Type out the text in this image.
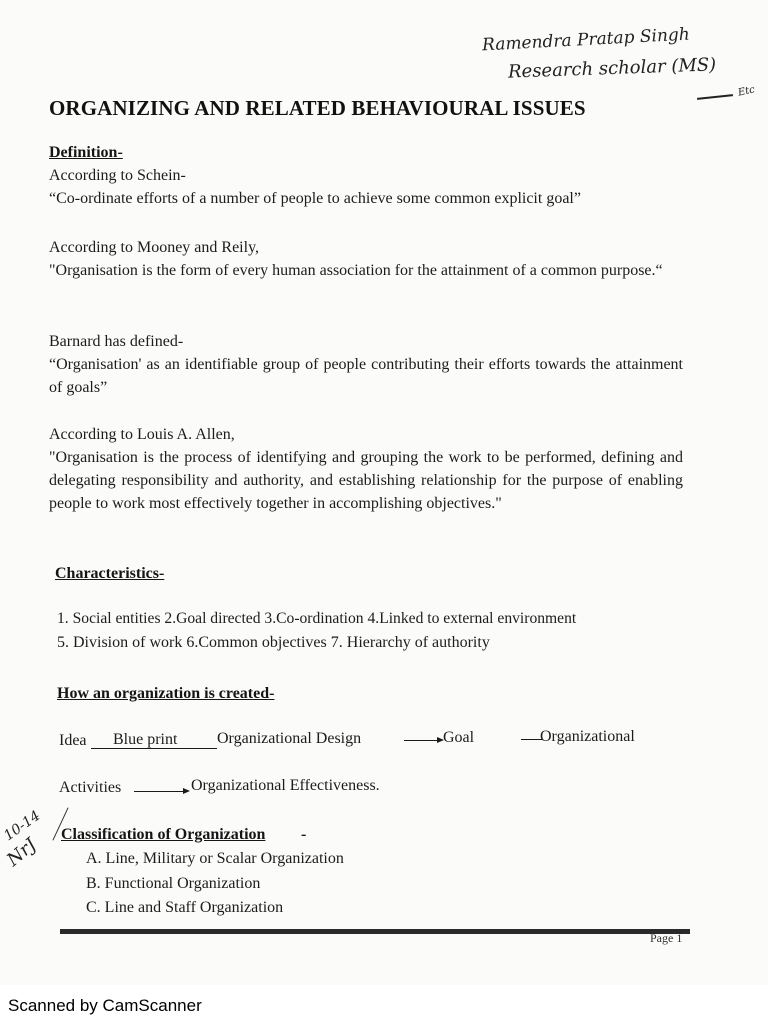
Ramendra Pratap Singh
Research scholar (MS)
Etc
10-14
NrJ
ORGANIZING AND RELATED BEHAVIOURAL ISSUES
Definition-
According to Schein-
“Co-ordinate efforts of a number of people to achieve some common explicit goal”
According to Mooney and Reily,
"Organisation is the form of every human association for the attainment of a common purpose.“
Barnard has defined-
“Organisation' as an identifiable group of people contributing their efforts towards the attainment of goals”
According to Louis A. Allen,
"Organisation is the process of identifying and grouping the work to be performed, defining and delegating responsibility and authority, and establishing relationship for the purpose of enabling people to work most effectively together in accomplishing objectives."
Characteristics-
1. Social entities 2.Goal directed 3.Co-ordination 4.Linked to external environment
5. Division of work 6.Common objectives 7. Hierarchy of authority
How an organization is created-
Idea Blue print Organizational Design	Goal	Organizational
Activities	Organizational Effectiveness.
Classification of Organization -
A. Line, Military or Scalar Organization
B. Functional Organization
C. Line and Staff Organization
Page 1
Scanned by CamScanner
